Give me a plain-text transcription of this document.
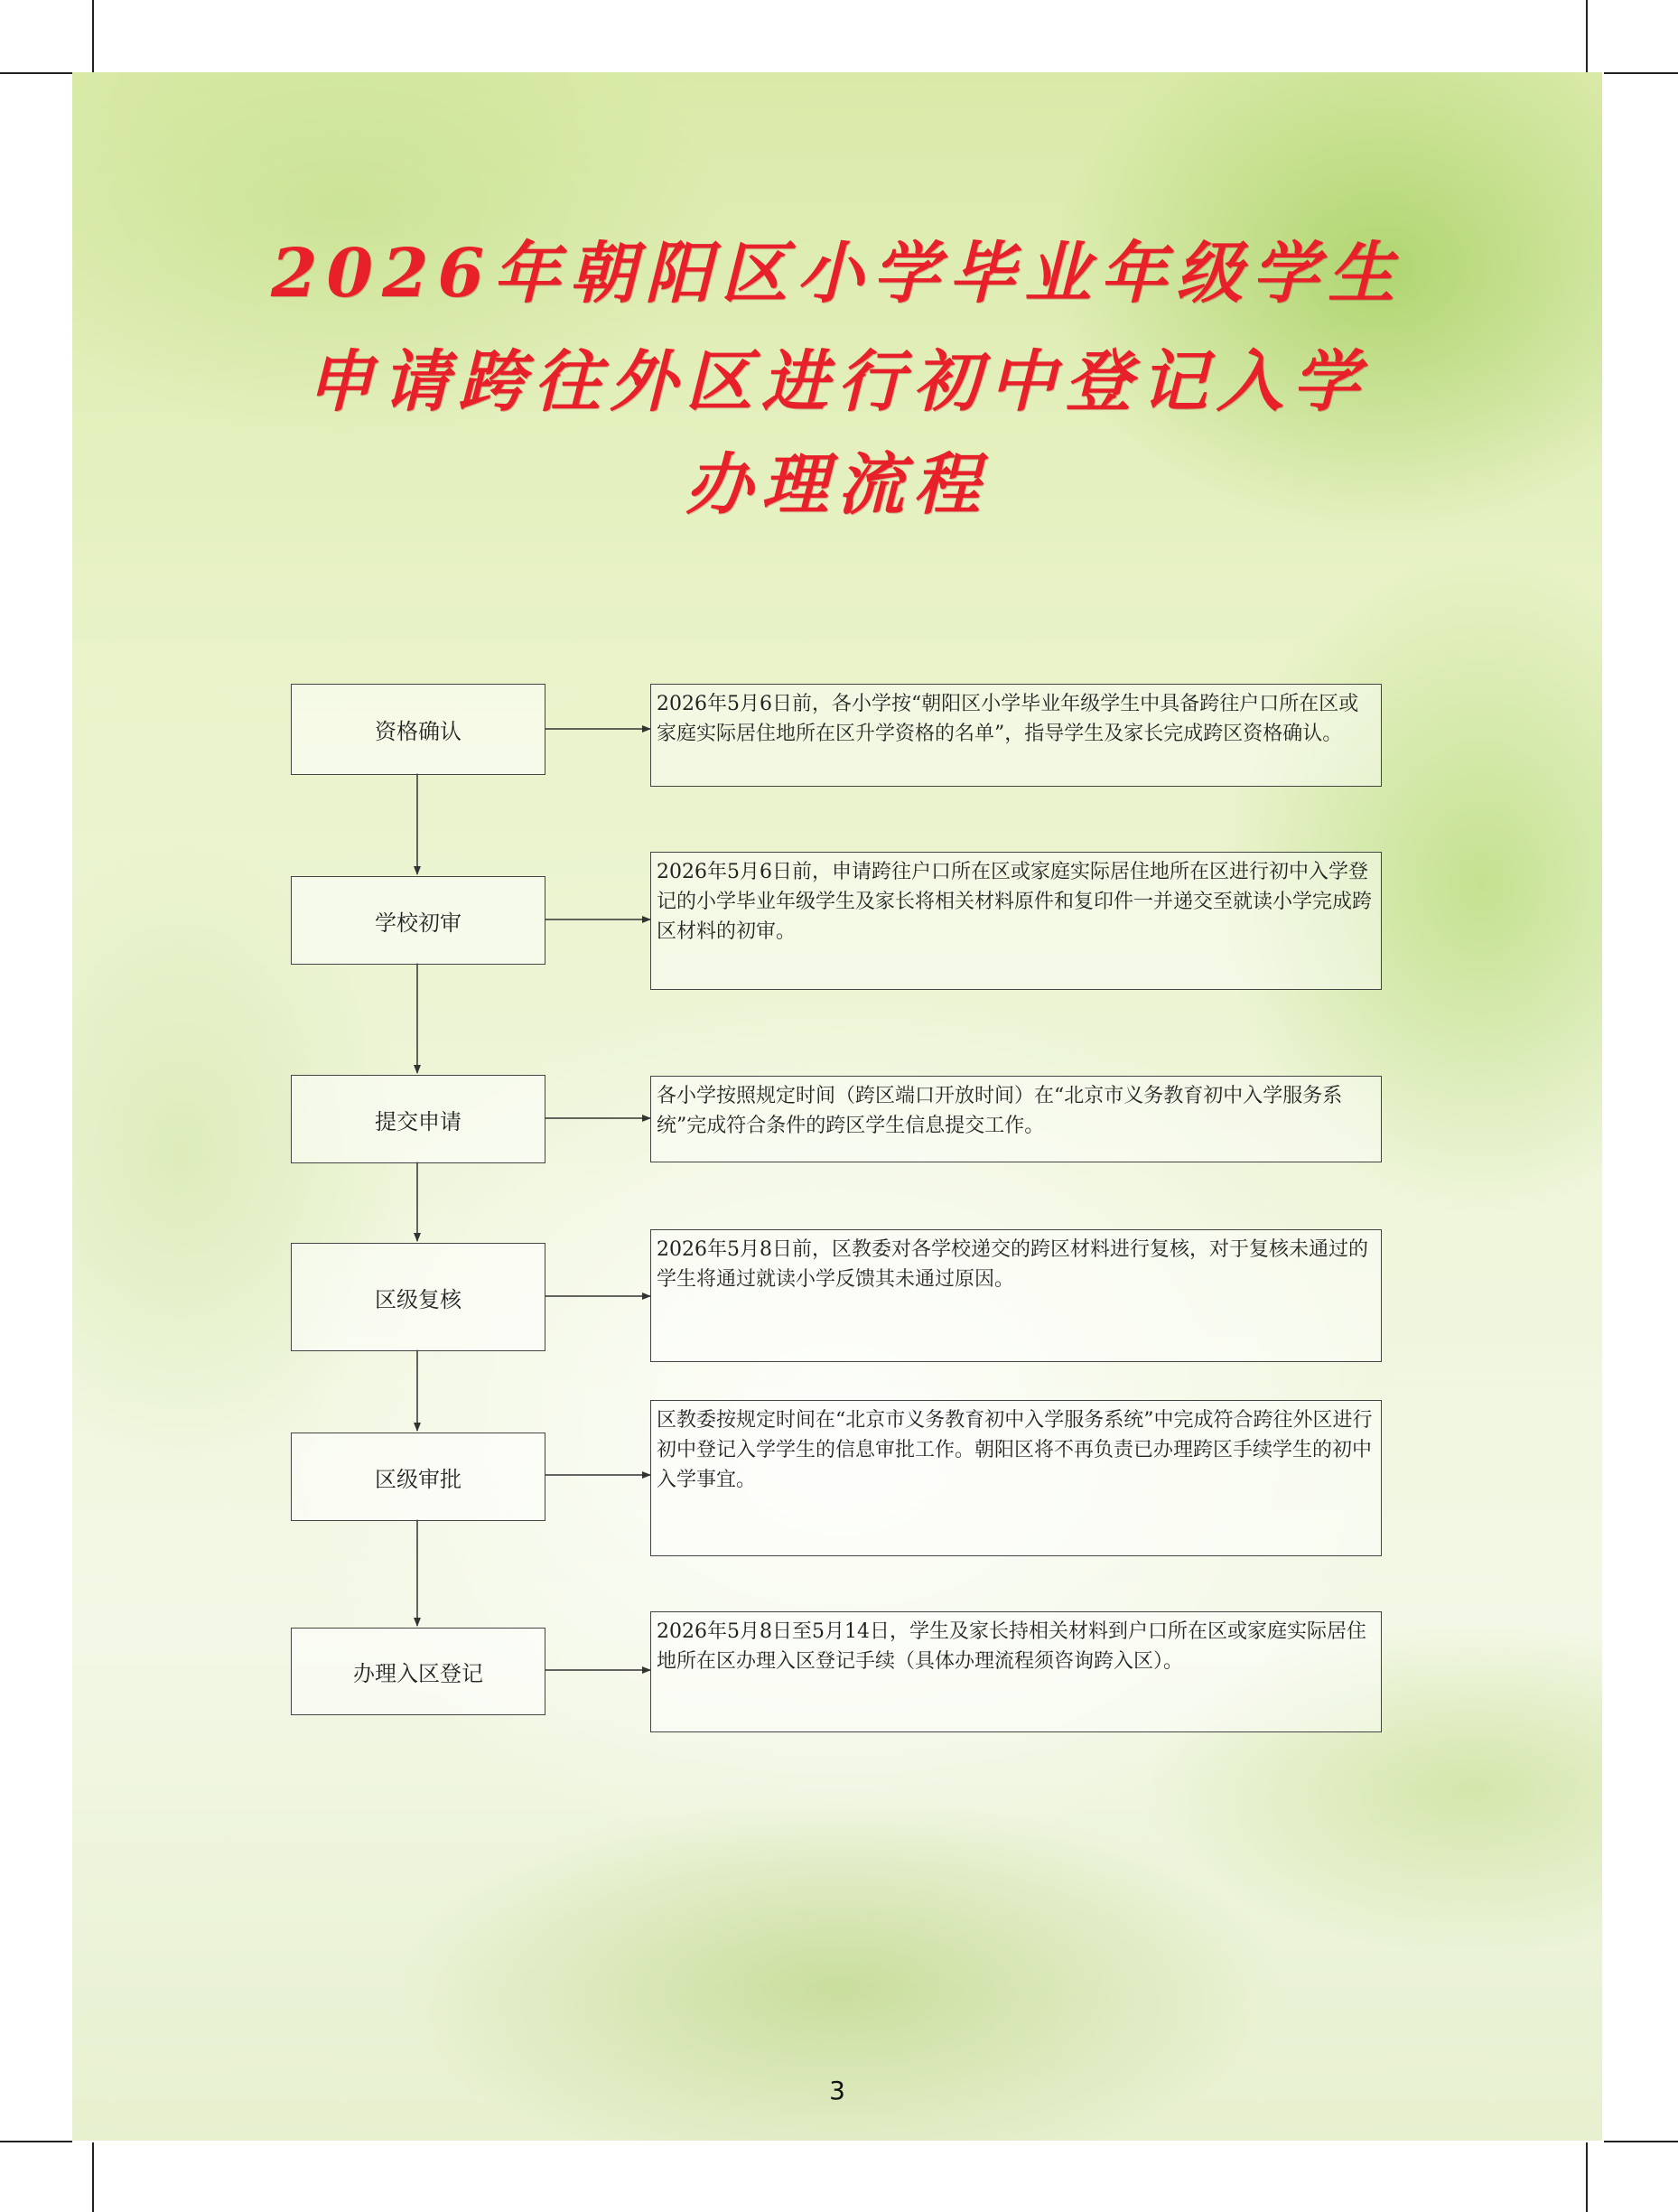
2026年朝阳区小学毕业年级学生
申请跨往外区进行初中登记入学
办理流程
资格确认
学校初审
提交申请
区级复核
区级审批
办理入区登记
2026年5月6日前，各小学按“朝阳区小学毕业年级学生中具备跨往户口所在区或家庭实际居住地所在区升学资格的名单”，指导学生及家长完成跨区资格确认。
2026年5月6日前，申请跨往户口所在区或家庭实际居住地所在区进行初中入学登记的小学毕业年级学生及家长将相关材料原件和复印件一并递交至就读小学完成跨区材料的初审。
各小学按照规定时间（跨区端口开放时间）在“北京市义务教育初中入学服务系统”完成符合条件的跨区学生信息提交工作。
2026年5月8日前，区教委对各学校递交的跨区材料进行复核，对于复核未通过的学生将通过就读小学反馈其未通过原因。
区教委按规定时间在“北京市义务教育初中入学服务系统”中完成符合跨往外区进行初中登记入学学生的信息审批工作。朝阳区将不再负责已办理跨区手续学生的初中入学事宜。
2026年5月8日至5月14日，学生及家长持相关材料到户口所在区或家庭实际居住地所在区办理入区登记手续（具体办理流程须咨询跨入区）。
3
